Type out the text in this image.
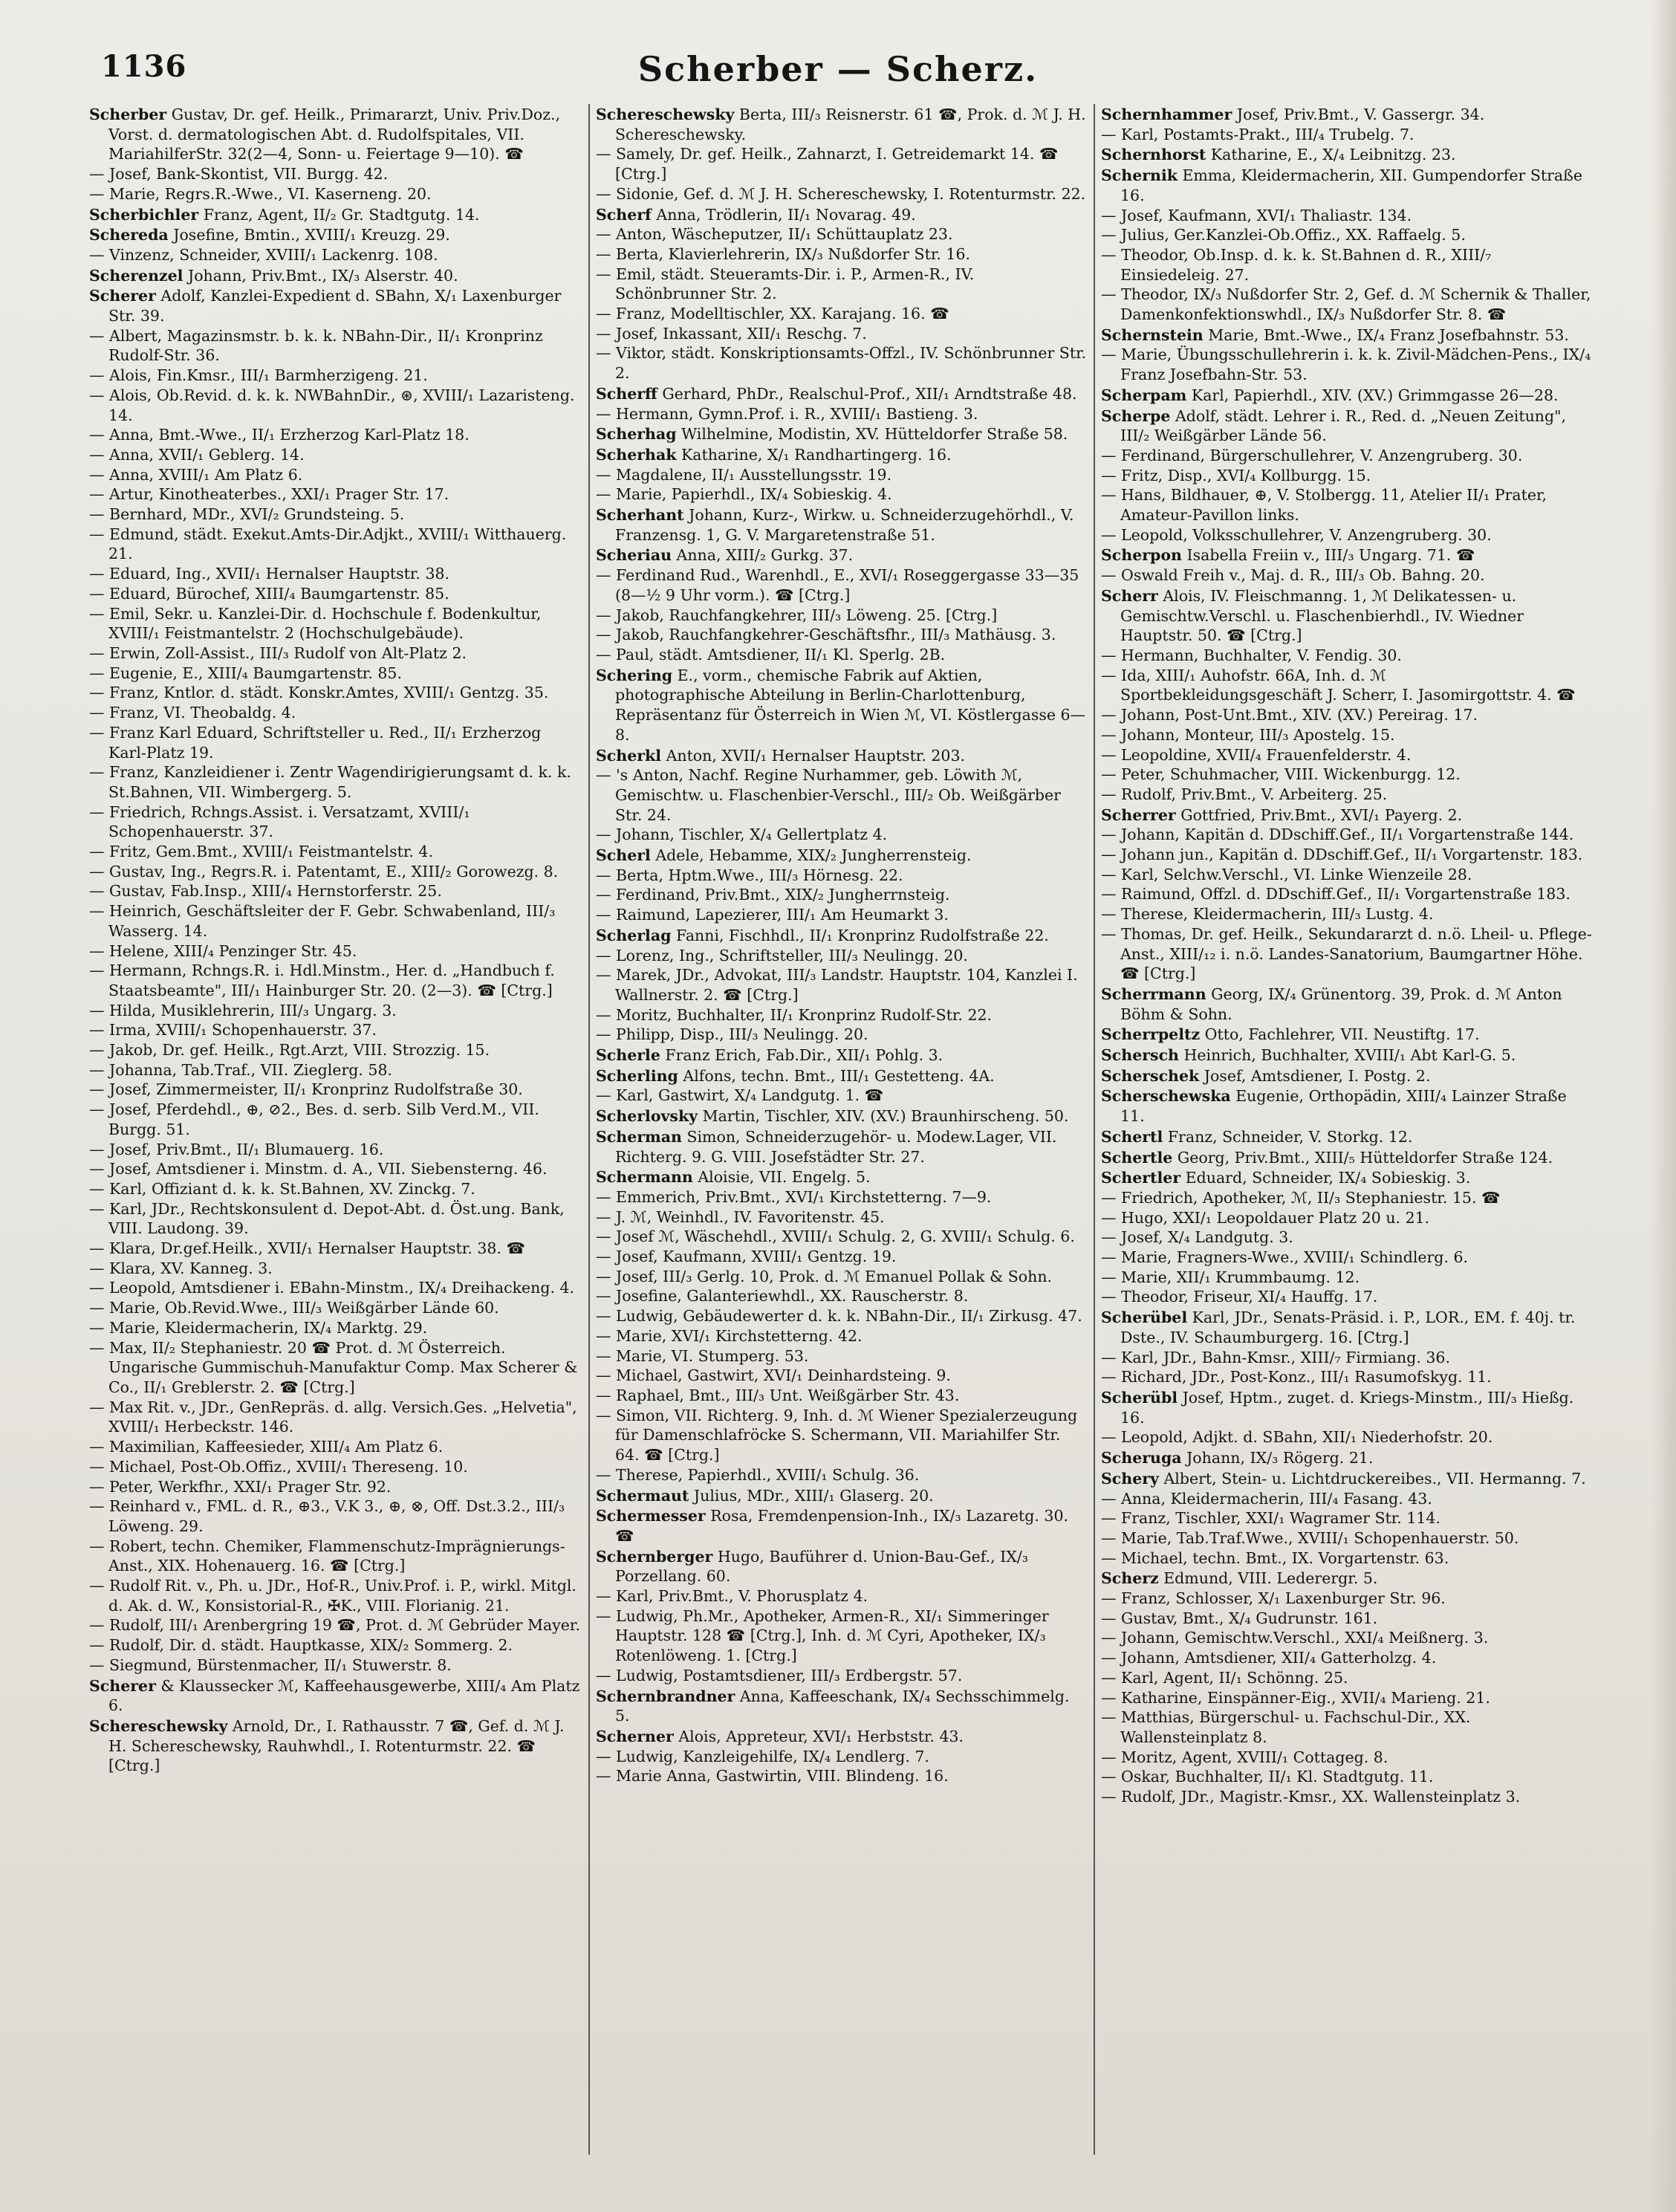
1136	Scherber — Scherz.
Scherber Gustav, Dr. gef. Heilk., Primararzt, Univ. Priv.Doz., Vorst. d. dermatologischen Abt. d. Rudolfspitales, VII. MariahilferStr. 32(2—4, Sonn- u. Feiertage 9—10). ☎
— Josef, Bank-Skontist, VII. Burgg. 42.
— Marie, Regrs.R.-Wwe., VI. Kaserneng. 20.
Scherbichler Franz, Agent, II/₂ Gr. Stadtgutg. 14.
Schereda Josefine, Bmtin., XVIII/₁ Kreuzg. 29.
— Vinzenz, Schneider, XVIII/₁ Lackenrg. 108.
Scherenzel Johann, Priv.Bmt., IX/₃ Alserstr. 40.
Scherer Adolf, Kanzlei-Expedient d. SBahn, X/₁ Laxenburger Str. 39.
— Albert, Magazinsmstr. b. k. k. NBahn-Dir., II/₁ Kronprinz Rudolf-Str. 36.
— Alois, Fin.Kmsr., III/₁ Barmherzigeng. 21.
— Alois, Ob.Revid. d. k. k. NWBahnDir., ⊛, XVIII/₁ Lazaristeng. 14.
— Anna, Bmt.-Wwe., II/₁ Erzherzog Karl-Platz 18.
— Anna, XVII/₁ Geblerg. 14.
— Anna, XVIII/₁ Am Platz 6.
— Artur, Kinotheaterbes., XXI/₁ Prager Str. 17.
— Bernhard, MDr., XVI/₂ Grundsteing. 5.
— Edmund, städt. Exekut.Amts-Dir.Adjkt., XVIII/₁ Witthauerg. 21.
— Eduard, Ing., XVII/₁ Hernalser Hauptstr. 38.
— Eduard, Bürochef, XIII/₄ Baumgartenstr. 85.
— Emil, Sekr. u. Kanzlei-Dir. d. Hochschule f. Bodenkultur, XVIII/₁ Feistmantelstr. 2 (Hochschulgebäude).
— Erwin, Zoll-Assist., III/₃ Rudolf von Alt-Platz 2.
— Eugenie, E., XIII/₄ Baumgartenstr. 85.
— Franz, Kntlor. d. städt. Konskr.Amtes, XVIII/₁ Gentzg. 35.
— Franz, VI. Theobaldg. 4.
— Franz Karl Eduard, Schriftsteller u. Red., II/₁ Erzherzog Karl-Platz 19.
— Franz, Kanzleidiener i. Zentr Wagendirigierungsamt d. k. k. St.Bahnen, VII. Wimbergerg. 5.
— Friedrich, Rchngs.Assist. i. Versatzamt, XVIII/₁ Schopenhauerstr. 37.
— Fritz, Gem.Bmt., XVIII/₁ Feistmantelstr. 4.
— Gustav, Ing., Regrs.R. i. Patentamt, E., XIII/₂ Gorowezg. 8.
— Gustav, Fab.Insp., XIII/₄ Hernstorferstr. 25.
— Heinrich, Geschäftsleiter der F. Gebr. Schwabenland, III/₃ Wasserg. 14.
— Helene, XIII/₄ Penzinger Str. 45.
— Hermann, Rchngs.R. i. Hdl.Minstm., Her. d. „Handbuch f. Staatsbeamte", III/₁ Hainburger Str. 20. (2—3). ☎ [Ctrg.]
— Hilda, Musiklehrerin, III/₃ Ungarg. 3.
— Irma, XVIII/₁ Schopenhauerstr. 37.
— Jakob, Dr. gef. Heilk., Rgt.Arzt, VIII. Strozzig. 15.
— Johanna, Tab.Traf., VII. Zieglerg. 58.
— Josef, Zimmermeister, II/₁ Kronprinz Rudolfstraße 30.
— Josef, Pferdehdl., ⊕, ⊘2., Bes. d. serb. Silb Verd.M., VII. Burgg. 51.
— Josef, Priv.Bmt., II/₁ Blumauerg. 16.
— Josef, Amtsdiener i. Minstm. d. A., VII. Siebensterng. 46.
— Karl, Offiziant d. k. k. St.Bahnen, XV. Zinckg. 7.
— Karl, JDr., Rechtskonsulent d. Depot-Abt. d. Öst.ung. Bank, VIII. Laudong. 39.
— Klara, Dr.gef.Heilk., XVII/₁ Hernalser Hauptstr. 38. ☎
— Klara, XV. Kanneg. 3.
— Leopold, Amtsdiener i. EBahn-Minstm., IX/₄ Dreihackeng. 4.
— Marie, Ob.Revid.Wwe., III/₃ Weißgärber Lände 60.
— Marie, Kleidermacherin, IX/₄ Marktg. 29.
— Max, II/₂ Stephaniestr. 20 ☎ Prot. d. ℳ Österreich. Ungarische Gummischuh-Manufaktur Comp. Max Scherer & Co., II/₁ Greblerstr. 2. ☎ [Ctrg.]
— Max Rit. v., JDr., GenRepräs. d. allg. Versich.Ges. „Helvetia", XVIII/₁ Herbeckstr. 146.
— Maximilian, Kaffeesieder, XIII/₄ Am Platz 6.
— Michael, Post-Ob.Offiz., XVIII/₁ Thereseng. 10.
— Peter, Werkfhr., XXI/₁ Prager Str. 92.
— Reinhard v., FML. d. R., ⊕3., V.K 3., ⊕, ⊗, Off. Dst.3.2., III/₃ Löweng. 29.
— Robert, techn. Chemiker, Flammenschutz-Imprägnierungs-Anst., XIX. Hohenauerg. 16. ☎ [Ctrg.]
— Rudolf Rit. v., Ph. u. JDr., Hof-R., Univ.Prof. i. P., wirkl. Mitgl. d. Ak. d. W., Konsistorial-R., ✠K., VIII. Florianig. 21.
— Rudolf, III/₁ Arenbergring 19 ☎, Prot. d. ℳ Gebrüder Mayer.
— Rudolf, Dir. d. städt. Hauptkasse, XIX/₂ Sommerg. 2.
— Siegmund, Bürstenmacher, II/₁ Stuwerstr. 8.
Scherer & Klaussecker ℳ, Kaffeehausgewerbe, XIII/₄ Am Platz 6.
Schereschewsky Arnold, Dr., I. Rathausstr. 7 ☎, Gef. d. ℳ J. H. Schereschewsky, Rauhwhdl., I. Rotenturmstr. 22. ☎ [Ctrg.]
Schereschewsky Berta, III/₃ Reisnerstr. 61 ☎, Prok. d. ℳ J. H. Schereschewsky.
— Samely, Dr. gef. Heilk., Zahnarzt, I. Getreidemarkt 14. ☎ [Ctrg.]
— Sidonie, Gef. d. ℳ J. H. Schereschewsky, I. Rotenturmstr. 22.
Scherf Anna, Trödlerin, II/₁ Novarag. 49.
— Anton, Wäscheputzer, II/₁ Schüttauplatz 23.
— Berta, Klavierlehrerin, IX/₃ Nußdorfer Str. 16.
— Emil, städt. Steueramts-Dir. i. P., Armen-R., IV. Schönbrunner Str. 2.
— Franz, Modelltischler, XX. Karajang. 16. ☎
— Josef, Inkassant, XII/₁ Reschg. 7.
— Viktor, städt. Konskriptionsamts-Offzl., IV. Schönbrunner Str. 2.
Scherff Gerhard, PhDr., Realschul-Prof., XII/₁ Arndtstraße 48.
— Hermann, Gymn.Prof. i. R., XVIII/₁ Bastieng. 3.
Scherhag Wilhelmine, Modistin, XV. Hütteldorfer Straße 58.
Scherhak Katharine, X/₁ Randhartingerg. 16.
— Magdalene, II/₁ Ausstellungsstr. 19.
— Marie, Papierhdl., IX/₄ Sobieskig. 4.
Scherhant Johann, Kurz-, Wirkw. u. Schneiderzugehörhdl., V. Franzensg. 1, G. V. Margaretenstraße 51.
Scheriau Anna, XIII/₂ Gurkg. 37.
— Ferdinand Rud., Warenhdl., E., XVI/₁ Roseggergasse 33—35 (8—½ 9 Uhr vorm.). ☎ [Ctrg.]
— Jakob, Rauchfangkehrer, III/₃ Löweng. 25. [Ctrg.]
— Jakob, Rauchfangkehrer-Geschäftsfhr., III/₃ Mathäusg. 3.
— Paul, städt. Amtsdiener, II/₁ Kl. Sperlg. 2B.
Schering E., vorm., chemische Fabrik auf Aktien, photographische Abteilung in Berlin-Charlottenburg, Repräsentanz für Österreich in Wien ℳ, VI. Köstlergasse 6—8.
Scherkl Anton, XVII/₁ Hernalser Hauptstr. 203.
— 's Anton, Nachf. Regine Nurhammer, geb. Löwith ℳ, Gemischtw. u. Flaschenbier-Verschl., III/₂ Ob. Weißgärber Str. 24.
— Johann, Tischler, X/₄ Gellertplatz 4.
Scherl Adele, Hebamme, XIX/₂ Jungherrensteig.
— Berta, Hptm.Wwe., III/₃ Hörnesg. 22.
— Ferdinand, Priv.Bmt., XIX/₂ Jungherrnsteig.
— Raimund, Lapezierer, III/₁ Am Heumarkt 3.
Scherlag Fanni, Fischhdl., II/₁ Kronprinz Rudolfstraße 22.
— Lorenz, Ing., Schriftsteller, III/₃ Neulingg. 20.
— Marek, JDr., Advokat, III/₃ Landstr. Hauptstr. 104, Kanzlei I. Wallnerstr. 2. ☎ [Ctrg.]
— Moritz, Buchhalter, II/₁ Kronprinz Rudolf-Str. 22.
— Philipp, Disp., III/₃ Neulingg. 20.
Scherle Franz Erich, Fab.Dir., XII/₁ Pohlg. 3.
Scherling Alfons, techn. Bmt., III/₁ Gestetteng. 4A.
— Karl, Gastwirt, X/₄ Landgutg. 1. ☎
Scherlovsky Martin, Tischler, XIV. (XV.) Braunhirscheng. 50.
Scherman Simon, Schneiderzugehör- u. Modew.Lager, VII. Richterg. 9. G. VIII. Josefstädter Str. 27.
Schermann Aloisie, VII. Engelg. 5.
— Emmerich, Priv.Bmt., XVI/₁ Kirchstetterng. 7—9.
— J. ℳ, Weinhdl., IV. Favoritenstr. 45.
— Josef ℳ, Wäschehdl., XVIII/₁ Schulg. 2, G. XVIII/₁ Schulg. 6.
— Josef, Kaufmann, XVIII/₁ Gentzg. 19.
— Josef, III/₃ Gerlg. 10, Prok. d. ℳ Emanuel Pollak & Sohn.
— Josefine, Galanteriewhdl., XX. Rauscherstr. 8.
— Ludwig, Gebäudewerter d. k. k. NBahn-Dir., II/₁ Zirkusg. 47.
— Marie, XVI/₁ Kirchstetterng. 42.
— Marie, VI. Stumperg. 53.
— Michael, Gastwirt, XVI/₁ Deinhardsteing. 9.
— Raphael, Bmt., III/₃ Unt. Weißgärber Str. 43.
— Simon, VII. Richterg. 9, Inh. d. ℳ Wiener Spezialerzeugung für Damenschlafröcke S. Schermann, VII. Mariahilfer Str. 64. ☎ [Ctrg.]
— Therese, Papierhdl., XVIII/₁ Schulg. 36.
Schermaut Julius, MDr., XIII/₁ Glaserg. 20.
Schermesser Rosa, Fremdenpension-Inh., IX/₃ Lazaretg. 30. ☎
Schernberger Hugo, Bauführer d. Union-Bau-Gef., IX/₃ Porzellang. 60.
— Karl, Priv.Bmt., V. Phorusplatz 4.
— Ludwig, Ph.Mr., Apotheker, Armen-R., XI/₁ Simmeringer Hauptstr. 128 ☎ [Ctrg.], Inh. d. ℳ Cyri, Apotheker, IX/₃ Rotenlöweng. 1. [Ctrg.]
— Ludwig, Postamtsdiener, III/₃ Erdbergstr. 57.
Schernbrandner Anna, Kaffeeschank, IX/₄ Sechsschimmelg. 5.
Scherner Alois, Appreteur, XVI/₁ Herbststr. 43.
— Ludwig, Kanzleigehilfe, IX/₄ Lendlerg. 7.
— Marie Anna, Gastwirtin, VIII. Blindeng. 16.
Schernhammer Josef, Priv.Bmt., V. Gassergr. 34.
— Karl, Postamts-Prakt., III/₄ Trubelg. 7.
Schernhorst Katharine, E., X/₄ Leibnitzg. 23.
Schernik Emma, Kleidermacherin, XII. Gumpendorfer Straße 16.
— Josef, Kaufmann, XVI/₁ Thaliastr. 134.
— Julius, Ger.Kanzlei-Ob.Offiz., XX. Raffaelg. 5.
— Theodor, Ob.Insp. d. k. k. St.Bahnen d. R., XIII/₇ Einsiedeleig. 27.
— Theodor, IX/₃ Nußdorfer Str. 2, Gef. d. ℳ Schernik & Thaller, Damenkonfektionswhdl., IX/₃ Nußdorfer Str. 8. ☎
Schernstein Marie, Bmt.-Wwe., IX/₄ Franz Josefbahnstr. 53.
— Marie, Übungsschullehrerin i. k. k. Zivil-Mädchen-Pens., IX/₄ Franz Josefbahn-Str. 53.
Scherpam Karl, Papierhdl., XIV. (XV.) Grimmgasse 26—28.
Scherpe Adolf, städt. Lehrer i. R., Red. d. „Neuen Zeitung", III/₂ Weißgärber Lände 56.
— Ferdinand, Bürgerschullehrer, V. Anzengruberg. 30.
— Fritz, Disp., XVI/₄ Kollburgg. 15.
— Hans, Bildhauer, ⊕, V. Stolbergg. 11, Atelier II/₁ Prater, Amateur-Pavillon links.
— Leopold, Volksschullehrer, V. Anzengruberg. 30.
Scherpon Isabella Freiin v., III/₃ Ungarg. 71. ☎
— Oswald Freih v., Maj. d. R., III/₃ Ob. Bahng. 20.
Scherr Alois, IV. Fleischmanng. 1, ℳ Delikatessen- u. Gemischtw.Verschl. u. Flaschenbierhdl., IV. Wiedner Hauptstr. 50. ☎ [Ctrg.]
— Hermann, Buchhalter, V. Fendig. 30.
— Ida, XIII/₁ Auhofstr. 66A, Inh. d. ℳ Sportbekleidungsgeschäft J. Scherr, I. Jasomirgottstr. 4. ☎
— Johann, Post-Unt.Bmt., XIV. (XV.) Pereirag. 17.
— Johann, Monteur, III/₃ Apostelg. 15.
— Leopoldine, XVII/₄ Frauenfelderstr. 4.
— Peter, Schuhmacher, VIII. Wickenburgg. 12.
— Rudolf, Priv.Bmt., V. Arbeiterg. 25.
Scherrer Gottfried, Priv.Bmt., XVI/₁ Payerg. 2.
— Johann, Kapitän d. DDschiff.Gef., II/₁ Vorgartenstraße 144.
— Johann jun., Kapitän d. DDschiff.Gef., II/₁ Vorgartenstr. 183.
— Karl, Selchw.Verschl., VI. Linke Wienzeile 28.
— Raimund, Offzl. d. DDschiff.Gef., II/₁ Vorgartenstraße 183.
— Therese, Kleidermacherin, III/₃ Lustg. 4.
— Thomas, Dr. gef. Heilk., Sekundararzt d. n.ö. Lheil- u. Pflege-Anst., XIII/₁₂ i. n.ö. Landes-Sanatorium, Baumgartner Höhe. ☎ [Ctrg.]
Scherrmann Georg, IX/₄ Grünentorg. 39, Prok. d. ℳ Anton Böhm & Sohn.
Scherrpeltz Otto, Fachlehrer, VII. Neustiftg. 17.
Schersch Heinrich, Buchhalter, XVIII/₁ Abt Karl-G. 5.
Scherschek Josef, Amtsdiener, I. Postg. 2.
Scherschewska Eugenie, Orthopädin, XIII/₄ Lainzer Straße 11.
Schertl Franz, Schneider, V. Storkg. 12.
Schertle Georg, Priv.Bmt., XIII/₅ Hütteldorfer Straße 124.
Schertler Eduard, Schneider, IX/₄ Sobieskig. 3.
— Friedrich, Apotheker, ℳ, II/₃ Stephaniestr. 15. ☎
— Hugo, XXI/₁ Leopoldauer Platz 20 u. 21.
— Josef, X/₄ Landgutg. 3.
— Marie, Fragners-Wwe., XVIII/₁ Schindlerg. 6.
— Marie, XII/₁ Krummbaumg. 12.
— Theodor, Friseur, XI/₄ Hauffg. 17.
Scherübel Karl, JDr., Senats-Präsid. i. P., LOR., EM. f. 40j. tr. Dste., IV. Schaumburgerg. 16. [Ctrg.]
— Karl, JDr., Bahn-Kmsr., XIII/₇ Firmiang. 36.
— Richard, JDr., Post-Konz., III/₁ Rasumofskyg. 11.
Scherübl Josef, Hptm., zuget. d. Kriegs-Minstm., III/₃ Hießg. 16.
— Leopold, Adjkt. d. SBahn, XII/₁ Niederhofstr. 20.
Scheruga Johann, IX/₃ Rögerg. 21.
Schery Albert, Stein- u. Lichtdruckereibes., VII. Hermanng. 7.
— Anna, Kleidermacherin, III/₄ Fasang. 43.
— Franz, Tischler, XXI/₁ Wagramer Str. 114.
— Marie, Tab.Traf.Wwe., XVIII/₁ Schopenhauerstr. 50.
— Michael, techn. Bmt., IX. Vorgartenstr. 63.
Scherz Edmund, VIII. Lederergr. 5.
— Franz, Schlosser, X/₁ Laxenburger Str. 96.
— Gustav, Bmt., X/₄ Gudrunstr. 161.
— Johann, Gemischtw.Verschl., XXI/₄ Meißnerg. 3.
— Johann, Amtsdiener, XII/₄ Gatterholzg. 4.
— Karl, Agent, II/₁ Schönng. 25.
— Katharine, Einspänner-Eig., XVII/₄ Marieng. 21.
— Matthias, Bürgerschul- u. Fachschul-Dir., XX. Wallensteinplatz 8.
— Moritz, Agent, XVIII/₁ Cottageg. 8.
— Oskar, Buchhalter, II/₁ Kl. Stadtgutg. 11.
— Rudolf, JDr., Magistr.-Kmsr., XX. Wallensteinplatz 3.
